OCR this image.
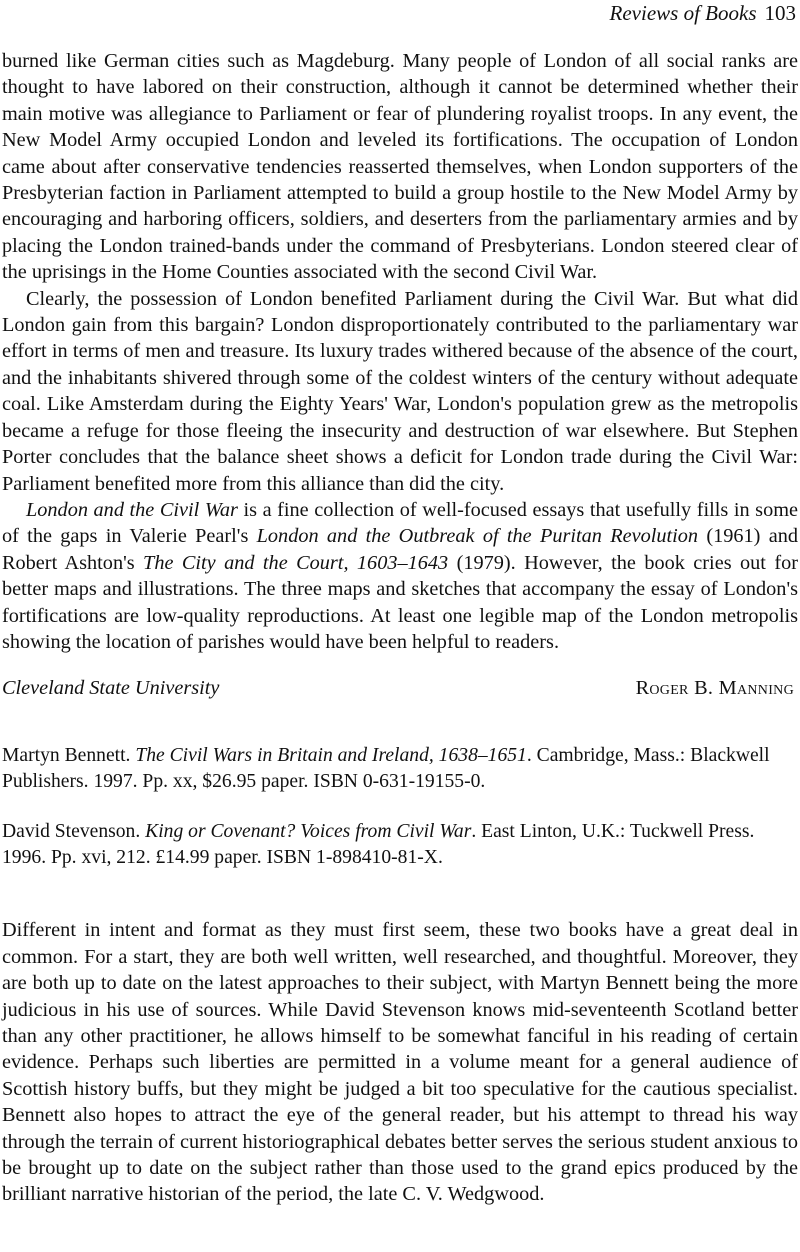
Reviews of Books 103

burned like German cities such as Magdeburg. Many people of London of all social ranks are thought to have labored on their construction, although it cannot be determined whether their main motive was allegiance to Parliament or fear of plundering royalist troops. In any event, the New Model Army occupied London and leveled its fortifications. The occupation of London came about after conservative tendencies reasserted themselves, when London supporters of the Presbyterian faction in Parliament attempted to build a group hostile to the New Model Army by encouraging and harboring officers, soldiers, and deserters from the parliamentary armies and by placing the London trained-bands under the command of Presbyterians. London steered clear of the uprisings in the Home Counties associated with the second Civil War.

Clearly, the possession of London benefited Parliament during the Civil War. But what did London gain from this bargain? London disproportionately contributed to the parliamentary war effort in terms of men and treasure. Its luxury trades withered because of the absence of the court, and the inhabitants shivered through some of the coldest winters of the century without adequate coal. Like Amsterdam during the Eighty Years' War, London's population grew as the metropolis became a refuge for those fleeing the insecurity and destruction of war elsewhere. But Stephen Porter concludes that the balance sheet shows a deficit for London trade during the Civil War: Parliament benefited more from this alliance than did the city.

London and the Civil War is a fine collection of well-focused essays that usefully fills in some of the gaps in Valerie Pearl's London and the Outbreak of the Puritan Revolution (1961) and Robert Ashton's The City and the Court, 1603–1643 (1979). However, the book cries out for better maps and illustrations. The three maps and sketches that accompany the essay of London's fortifications are low-quality reproductions. At least one legible map of the London metropolis showing the location of parishes would have been helpful to readers.

Cleveland State University	Roger B. Manning

Martyn Bennett. The Civil Wars in Britain and Ireland, 1638–1651. Cambridge, Mass.: Blackwell Publishers. 1997. Pp. xx, $26.95 paper. ISBN 0-631-19155-0.

David Stevenson. King or Covenant? Voices from Civil War. East Linton, U.K.: Tuckwell Press. 1996. Pp. xvi, 212. £14.99 paper. ISBN 1-898410-81-X.

Different in intent and format as they must first seem, these two books have a great deal in common. For a start, they are both well written, well researched, and thoughtful. Moreover, they are both up to date on the latest approaches to their subject, with Martyn Bennett being the more judicious in his use of sources. While David Stevenson knows mid-seventeenth Scotland better than any other practitioner, he allows himself to be somewhat fanciful in his reading of certain evidence. Perhaps such liberties are permitted in a volume meant for a general audience of Scottish history buffs, but they might be judged a bit too speculative for the cautious specialist. Bennett also hopes to attract the eye of the general reader, but his attempt to thread his way through the terrain of current historiographical debates better serves the serious student anxious to be brought up to date on the subject rather than those used to the grand epics produced by the brilliant narrative historian of the period, the late C. V. Wedgwood.
